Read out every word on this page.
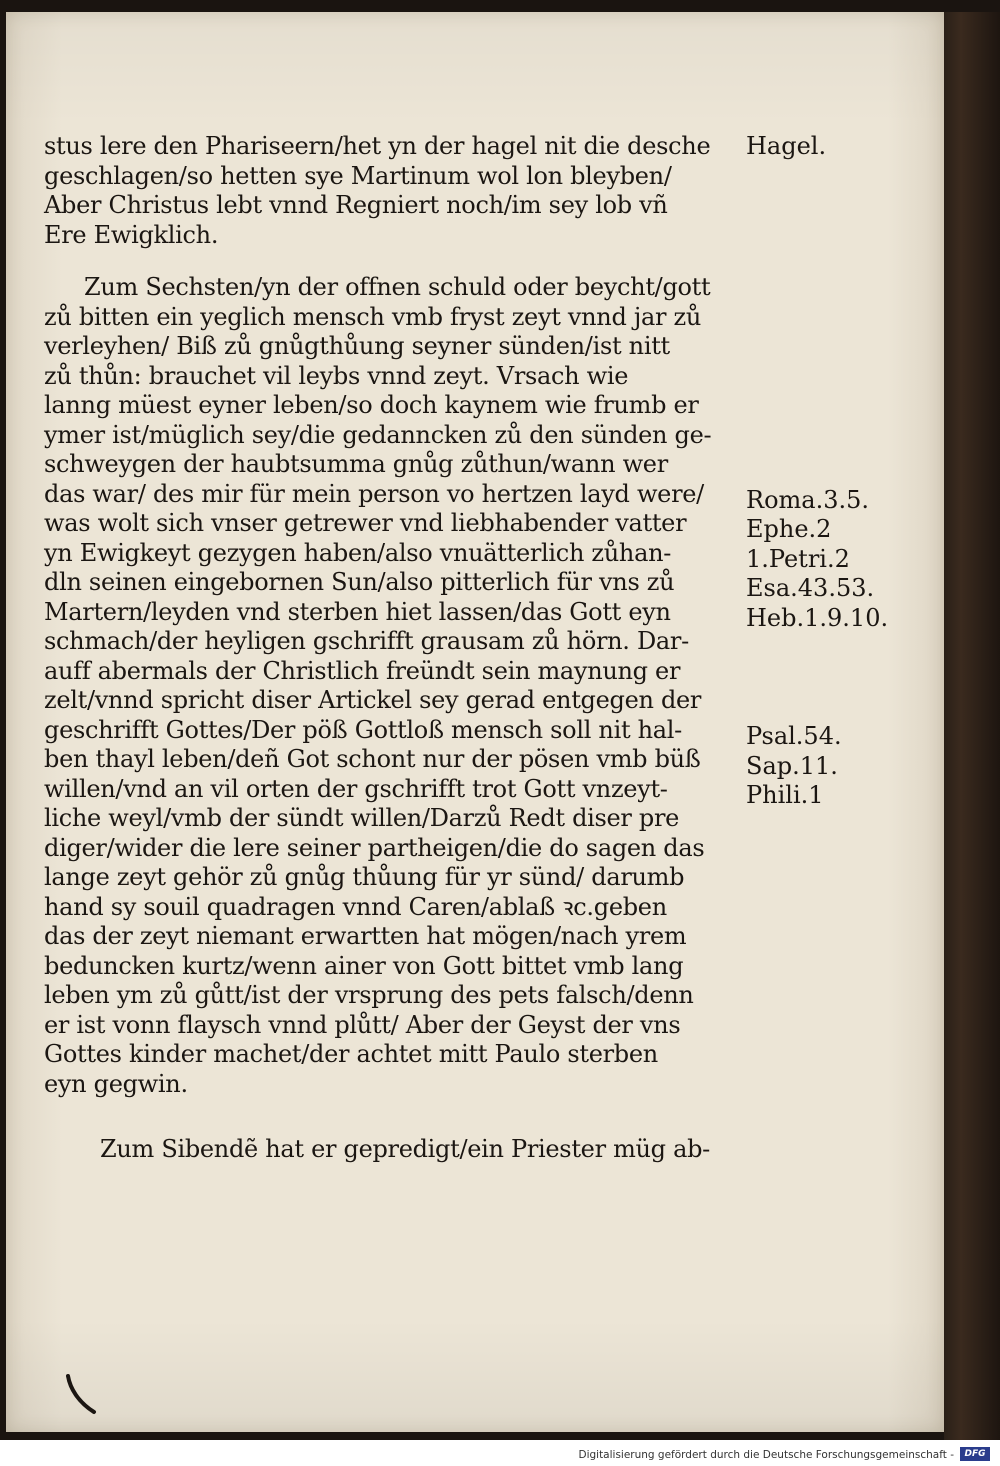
stus lere den Pharisеern/het yn der hagel nit die desche
geschlagen/so hetten sye Martinum wol lon bleyben/
Aber Christus lebt vnnd Regniert noch/im sey lob vñ
Ere Ewigklich.
Zum Sechsten/yn der offnen schuld oder beycht/gott
zů bitten ein yeglich mensch vmb fryst zeyt vnnd jar zů
verleyhen/ Biß zů gnůgthůung seyner sünden/ist nitt
zů thůn: brauchet vil leybs vnnd zeyt. Vrsach wie
lanng müest eyner leben/so doch kaynem wie frumb er
ymer ist/müglich sey/die gedanncken zů den sünden ge-
schweygen der haubtsumma gnůg zůthun/wann wer
das war/ des mir für mein person vo hertzen layd were/
was wolt sich vnser getrewer vnd liebhabender vatter
yn Ewigkeyt gezygen haben/also vnuätterlich zůhan-
dln seinen eingebornen Sun/also pitterlich für vns zů
Martern/leyden vnd sterben hiet lassen/das Gott eyn
schmach/der heyligen gschrifft grausam zů hörn. Dar-
auff abermals der Christlich freündt sein maynung er
zelt/vnnd spricht diser Artickel sey gerad entgegen der
geschrifft Gottes/Der pöß Gottloß mensch soll nit hal-
ben thayl leben/deñ Got schont nur der pösen vmb büß
willen/vnd an vil orten der gschrifft trot Gott vnzeyt-
liche weyl/vmb der sündt willen/Darzů Redt diser pre
diger/wider die lere seiner partheigen/die do sagen das
lange zeyt gehör zů gnůg thůung für yr sünd/ darumb
hand sy souil quadragen vnnd Caren/ablaß ꝛc.geben
das der zeyt niemant erwartten hat mögen/nach yrem
beduncken kurtz/wenn ainer von Gott bittet vmb lang
leben ym zů gůtt/ist der vrsprung des pets falsch/denn
er ist vonn flaysch vnnd plůtt/ Aber der Geyst der vns
Gottes kinder machet/der achtet mitt Paulo sterben
eyn gegwin.
Zum Sibendẽ hat er gepredigt/ein Priester müg ab-
Hagel.
Roma.3.5.
Ephe.2
1.Petri.2
Esa.43.53.
Heb.1.9.10.
Psal.54.
Sap.11.
Phili.1
Digitalisierung gefördert durch die Deutsche Forschungsgemeinschaft -	DFG
